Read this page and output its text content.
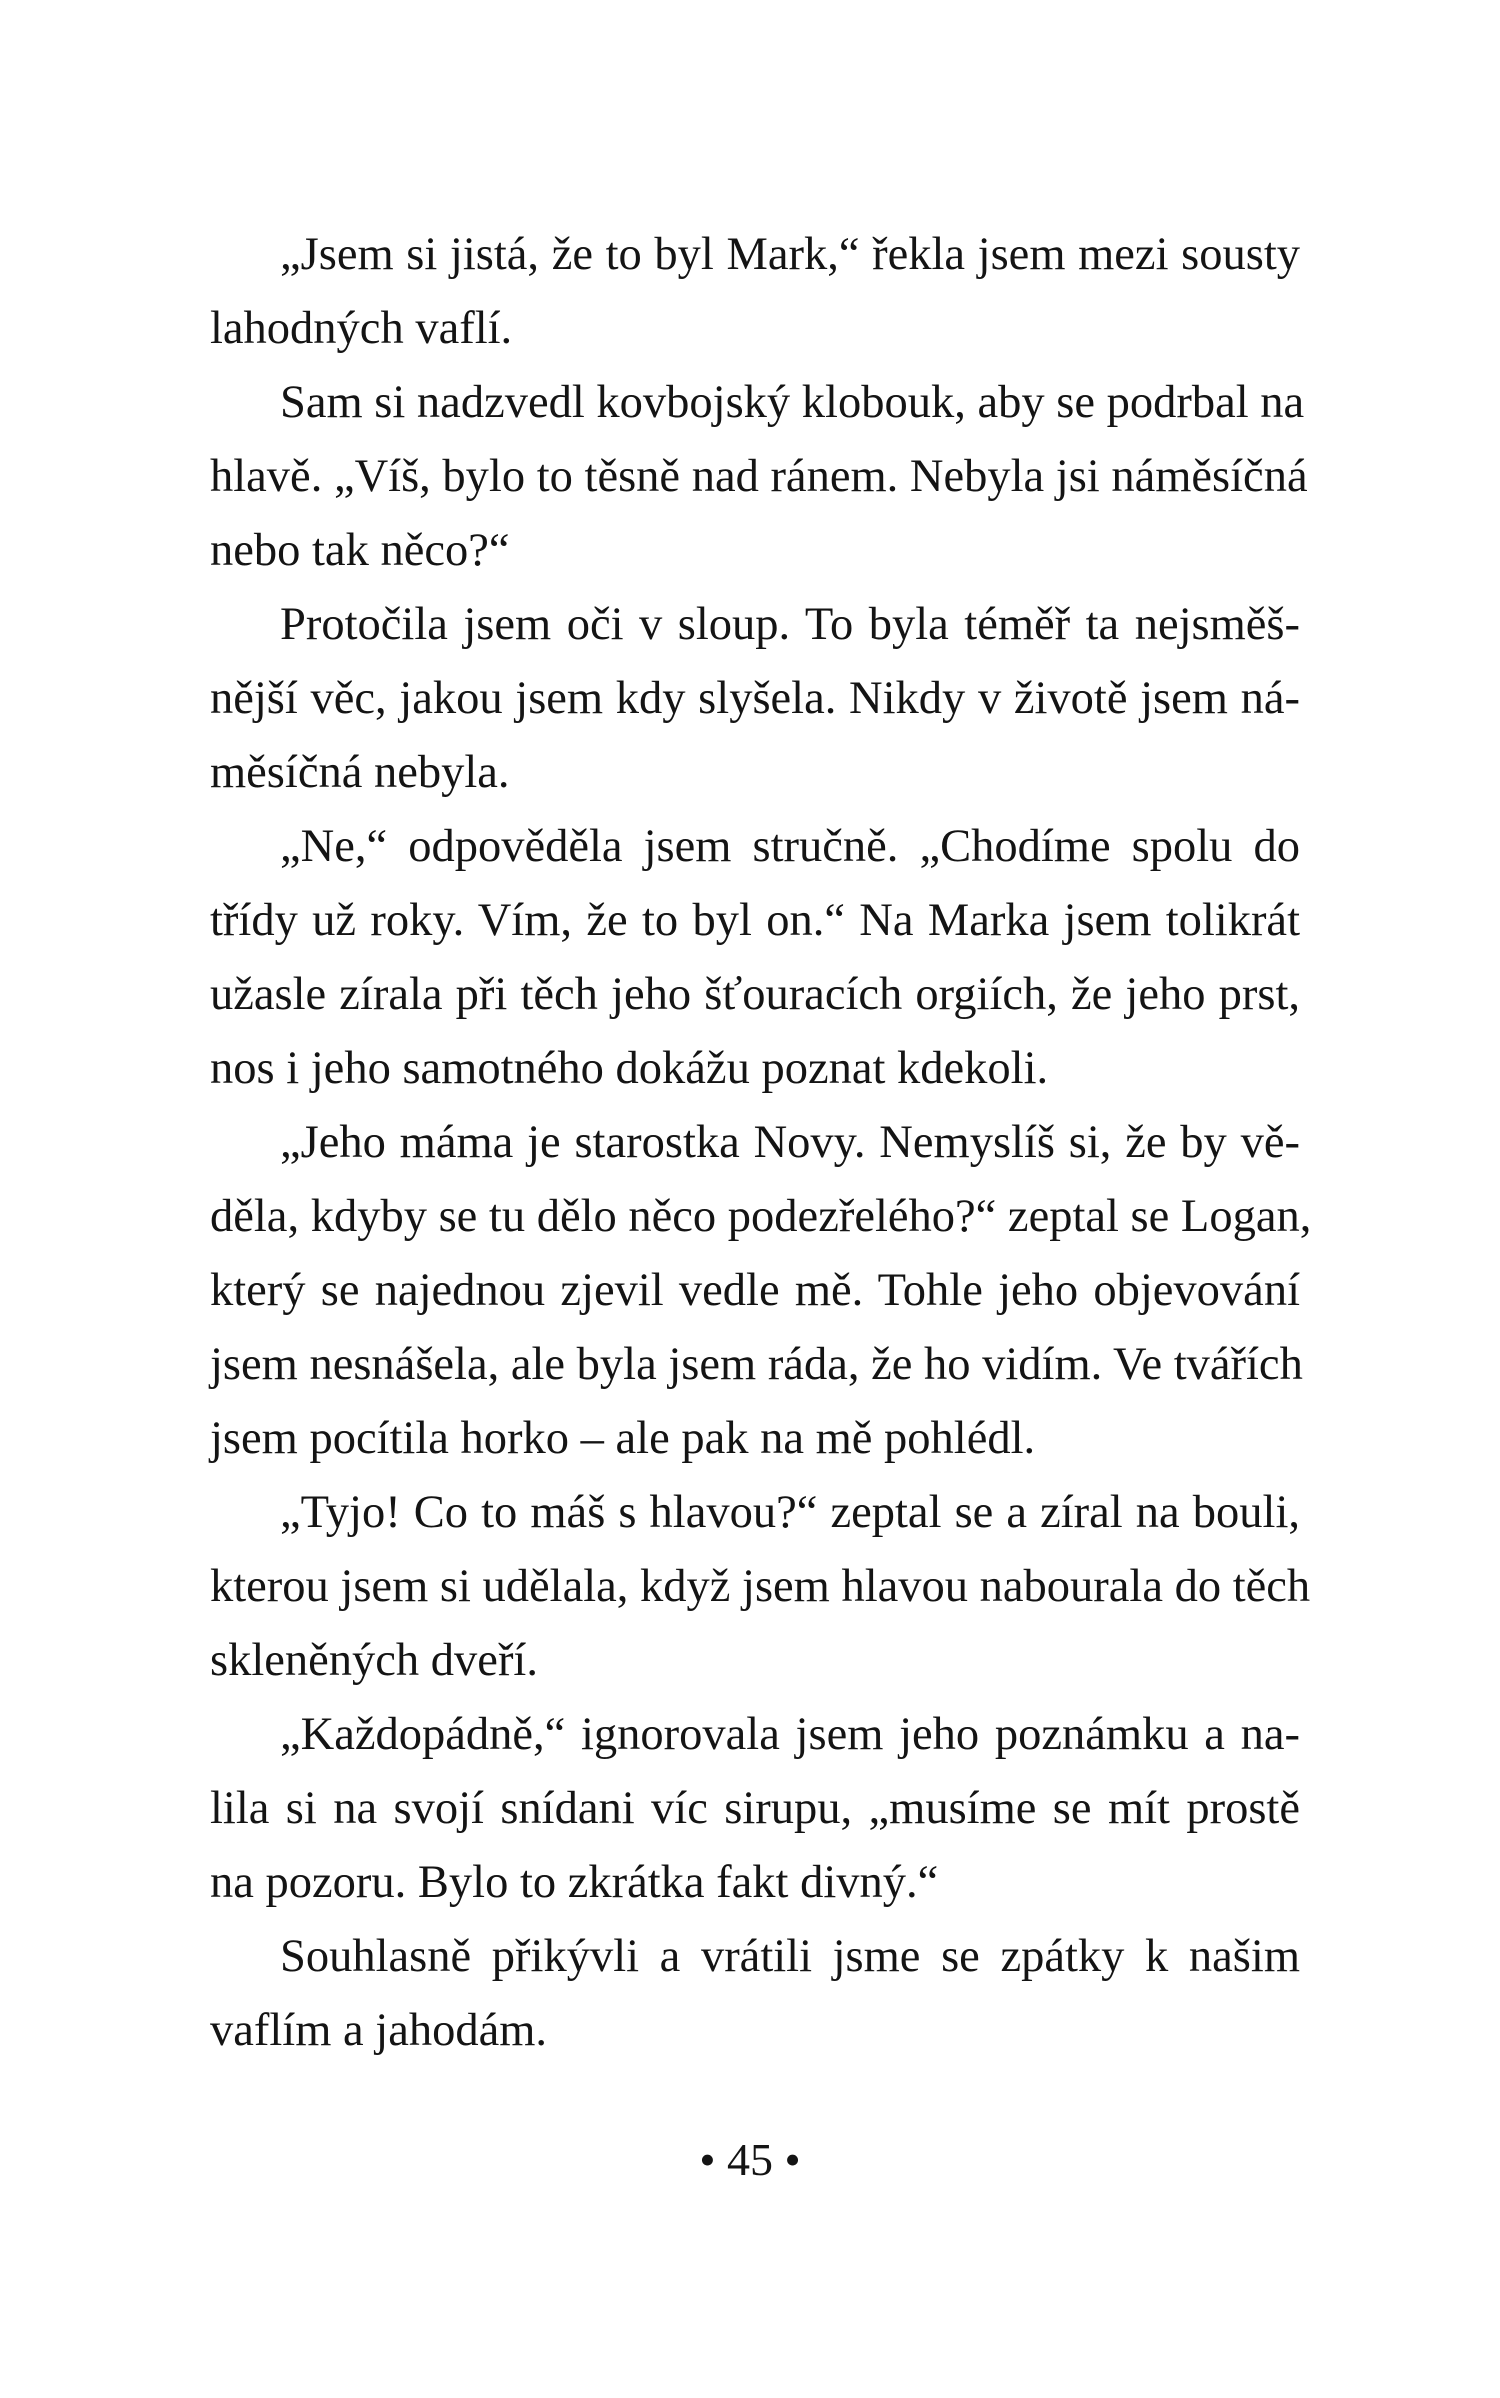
„Jsem si jistá, že to byl Mark,“ řekla jsem mezi sousty
lahodných vaflí.
Sam si nadzvedl kovbojský klobouk, aby se podrbal na
hlavě. „Víš, bylo to těsně nad ránem. Nebyla jsi náměsíčná
nebo tak něco?“
Protočila jsem oči v sloup. To byla téměř ta nejsměš-
nější věc, jakou jsem kdy slyšela. Nikdy v životě jsem ná-
měsíčná nebyla.
„Ne,“ odpověděla jsem stručně. „Chodíme spolu do
třídy už roky. Vím, že to byl on.“ Na Marka jsem tolikrát
užasle zírala při těch jeho šťouracích orgiích, že jeho prst,
nos i jeho samotného dokážu poznat kdekoli.
„Jeho máma je starostka Novy. Nemyslíš si, že by vě-
děla, kdyby se tu dělo něco podezřelého?“ zeptal se Logan,
který se najednou zjevil vedle mě. Tohle jeho objevování
jsem nesnášela, ale byla jsem ráda, že ho vidím. Ve tvářích
jsem pocítila horko – ale pak na mě pohlédl.
„Tyjo! Co to máš s hlavou?“ zeptal se a zíral na bouli,
kterou jsem si udělala, když jsem hlavou nabourala do těch
skleněných dveří.
„Každopádně,“ ignorovala jsem jeho poznámku a na-
lila si na svojí snídani víc sirupu, „musíme se mít prostě
na pozoru. Bylo to zkrátka fakt divný.“
Souhlasně přikývli a vrátili jsme se zpátky k našim
vaflím a jahodám.
• 45 •
